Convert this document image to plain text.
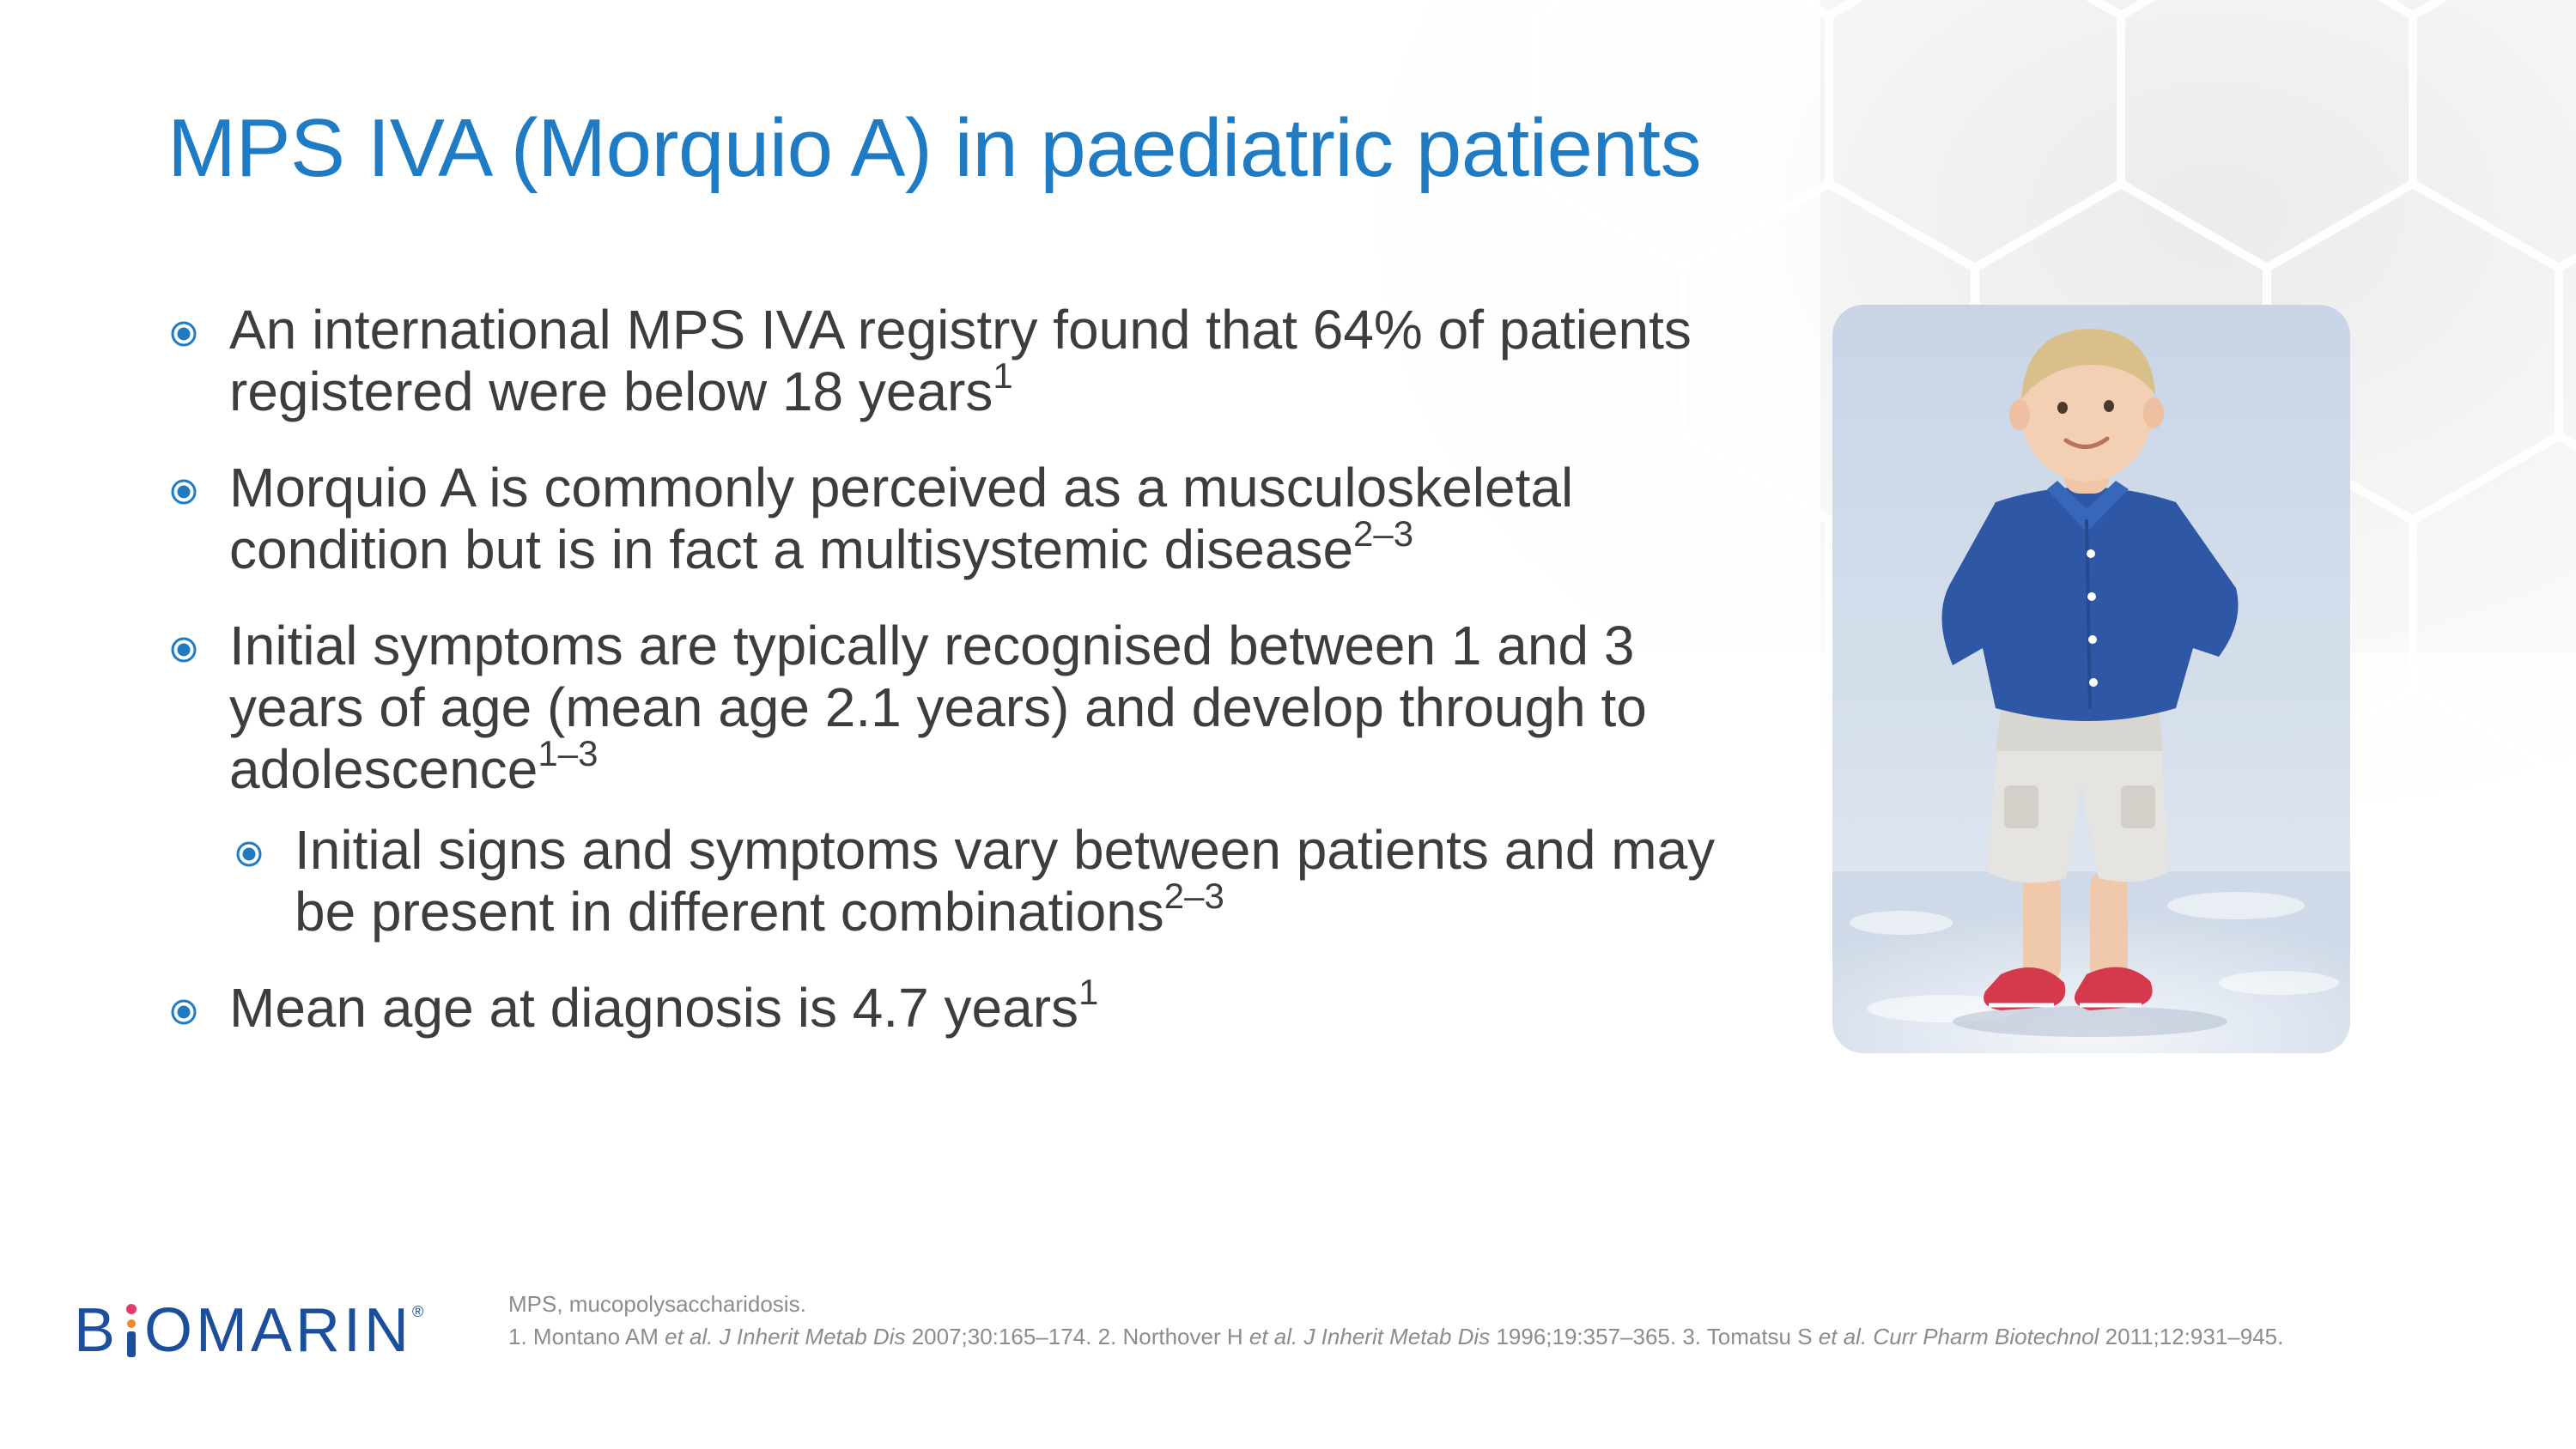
MPS IVA (Morquio A) in paediatric patients
An international MPS IVA registry found that 64% of patients registered were below 18 years$^1$
Morquio A is commonly perceived as a musculoskeletal condition but is in fact a multisystemic disease$^{2-3}$
Initial symptoms are typically recognised between 1 and 3 years of age (mean age 2.1 years) and develop through to adolescence$^{1-3}$
Initial signs and symptoms vary between patients and may be present in different combinations$^{2-3}$
Mean age at diagnosis is 4.7 years$^1$
B OMARIN ®	MPS, mucopolysaccharidosis.

1. Montano AM et al. J Inherit Metab Dis 2007;30:165–174. 2. Northover H et al. J Inherit Metab Dis 1996;19:357–365. 3. Tomatsu S et al. Curr Pharm Biotechnol 2011;12:931–945.
